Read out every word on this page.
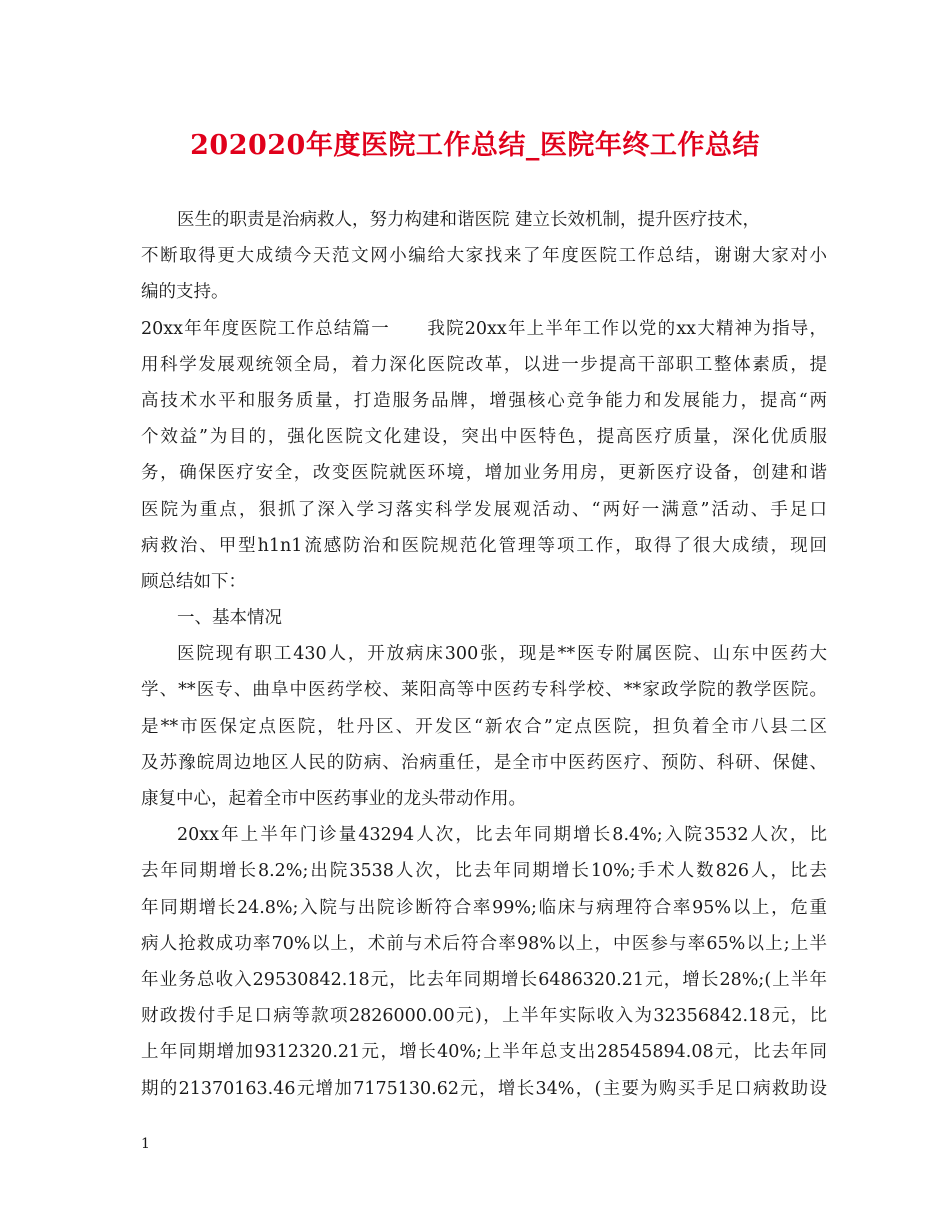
202020年度医院工作总结_医院年终工作总结
医生的职责是治病救人，努力构建和谐医院 建立长效机制，提升医疗技术，
不断取得更大成绩今天范文网小编给大家找来了年度医院工作总结，谢谢大家对小
编的支持。
20xx年年度医院工作总结篇一　　我院20xx年上半年工作以党的xx大精神为指导，
用科学发展观统领全局，着力深化医院改革，以进一步提高干部职工整体素质，提
高技术水平和服务质量，打造服务品牌，增强核心竞争能力和发展能力，提高“两
个效益”为目的，强化医院文化建设，突出中医特色，提高医疗质量，深化优质服
务，确保医疗安全，改变医院就医环境，增加业务用房，更新医疗设备，创建和谐
医院为重点，狠抓了深入学习落实科学发展观活动、“两好一满意”活动、手足口
病救治、甲型h1n1流感防治和医院规范化管理等项工作，取得了很大成绩，现回
顾总结如下：
一、基本情况
医院现有职工430人，开放病床300张，现是**医专附属医院、山东中医药大
学、**医专、曲阜中医药学校、莱阳高等中医药专科学校、**家政学院的教学医院。
是**市医保定点医院，牡丹区、开发区“新农合”定点医院，担负着全市八县二区
及苏豫皖周边地区人民的防病、治病重任，是全市中医药医疗、预防、科研、保健、
康复中心，起着全市中医药事业的龙头带动作用。
20xx年上半年门诊量43294人次，比去年同期增长8.4%;入院3532人次，比
去年同期增长8.2%;出院3538人次，比去年同期增长10%;手术人数826人，比去
年同期增长24.8%;入院与出院诊断符合率99%;临床与病理符合率95%以上，危重
病人抢救成功率70%以上，术前与术后符合率98%以上，中医参与率65%以上;上半
年业务总收入29530842.18元，比去年同期增长6486320.21元，增长28%;(上半年
财政拨付手足口病等款项2826000.00元)，上半年实际收入为32356842.18元，比
上年同期增加9312320.21元，增长40%;上半年总支出28545894.08元，比去年同
期的21370163.46元增加7175130.62元，增长34%，(主要为购买手足口病救助设
1
